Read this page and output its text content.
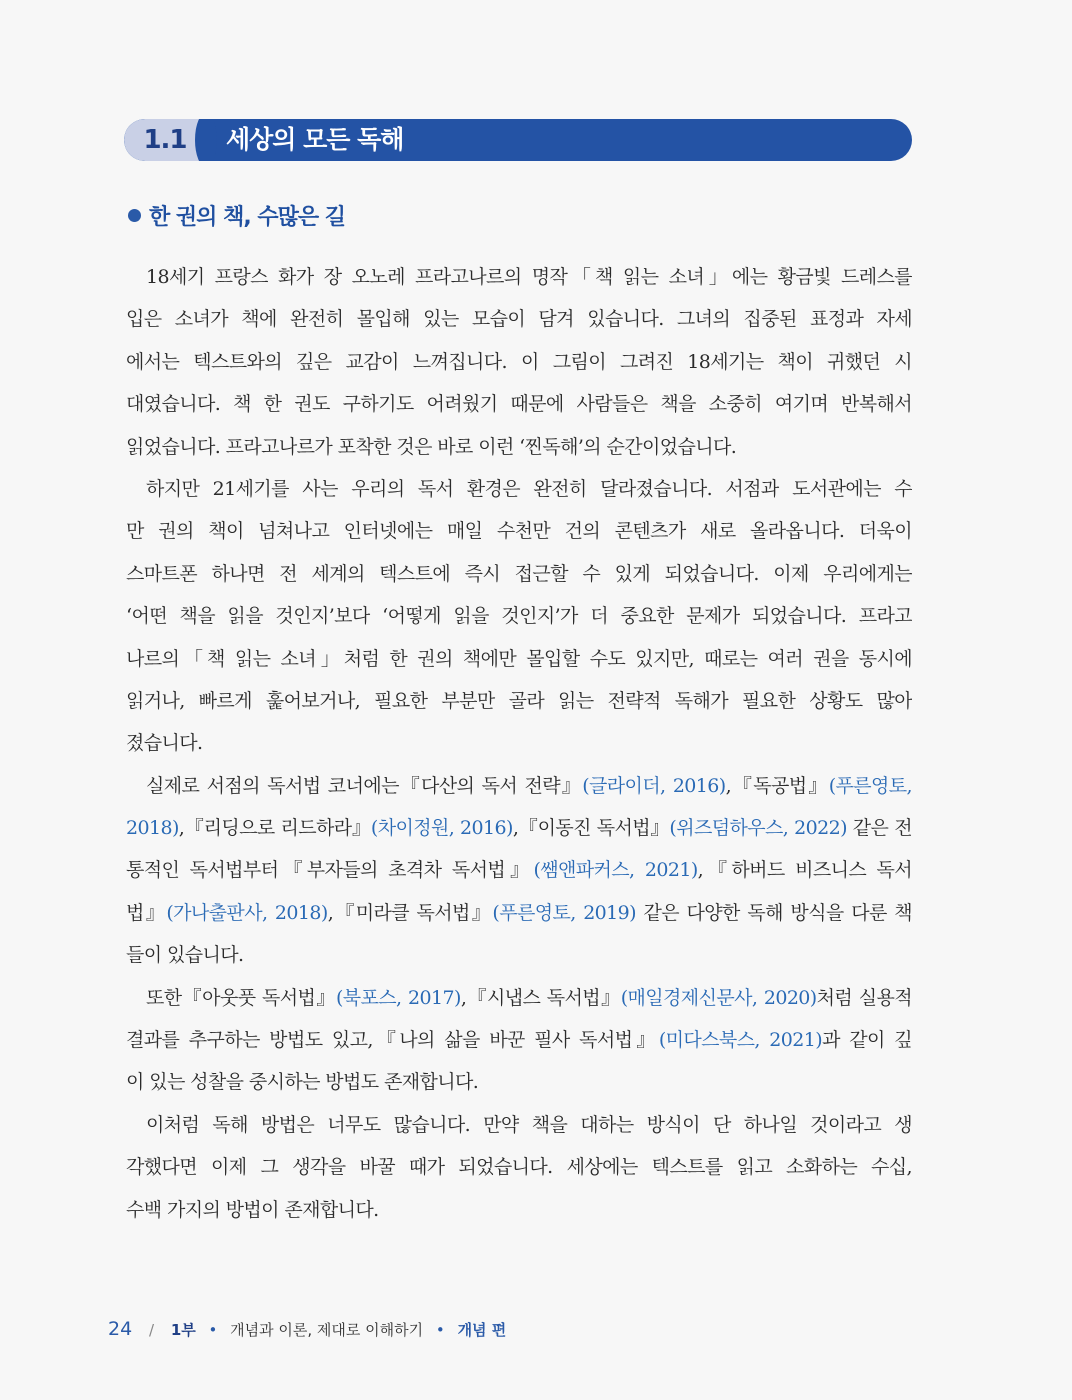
1.1	세상의 모든 독해
한 권의 책, 수많은 길
18세기 프랑스 화가 장 오노레 프라고나르의 명작「책 읽는 소녀」에는 황금빛 드레스를
입은 소녀가 책에 완전히 몰입해 있는 모습이 담겨 있습니다. 그녀의 집중된 표정과 자세
에서는 텍스트와의 깊은 교감이 느껴집니다. 이 그림이 그려진 18세기는 책이 귀했던 시
대였습니다. 책 한 권도 구하기도 어려웠기 때문에 사람들은 책을 소중히 여기며 반복해서
읽었습니다. 프라고나르가 포착한 것은 바로 이런 ‘찐독해’의 순간이었습니다.
하지만 21세기를 사는 우리의 독서 환경은 완전히 달라졌습니다. 서점과 도서관에는 수
만 권의 책이 넘쳐나고 인터넷에는 매일 수천만 건의 콘텐츠가 새로 올라옵니다. 더욱이
스마트폰 하나면 전 세계의 텍스트에 즉시 접근할 수 있게 되었습니다. 이제 우리에게는
‘어떤 책을 읽을 것인지’보다 ‘어떻게 읽을 것인지’가 더 중요한 문제가 되었습니다. 프라고
나르의「책 읽는 소녀」처럼 한 권의 책에만 몰입할 수도 있지만, 때로는 여러 권을 동시에
읽거나, 빠르게 훑어보거나, 필요한 부분만 골라 읽는 전략적 독해가 필요한 상황도 많아
졌습니다.
실제로 서점의 독서법 코너에는『다산의 독서 전략』(글라이더, 2016),『독공법』(푸른영토,
2018),『리딩으로 리드하라』(차이정원, 2016),『이동진 독서법』(위즈덤하우스, 2022) 같은 전
통적인 독서법부터『부자들의 초격차 독서법』(쌤앤파커스, 2021),『하버드 비즈니스 독서
법』(가나출판사, 2018),『미라클 독서법』(푸른영토, 2019) 같은 다양한 독해 방식을 다룬 책
들이 있습니다.
또한『아웃풋 독서법』(북포스, 2017),『시냅스 독서법』(매일경제신문사, 2020)처럼 실용적
결과를 추구하는 방법도 있고,『나의 삶을 바꾼 필사 독서법』(미다스북스, 2021)과 같이 깊
이 있는 성찰을 중시하는 방법도 존재합니다.
이처럼 독해 방법은 너무도 많습니다. 만약 책을 대하는 방식이 단 하나일 것이라고 생
각했다면 이제 그 생각을 바꿀 때가 되었습니다. 세상에는 텍스트를 읽고 소화하는 수십,
수백 가지의 방법이 존재합니다.
24 / 1부 • 개념과 이론, 제대로 이해하기 • 개념 편
